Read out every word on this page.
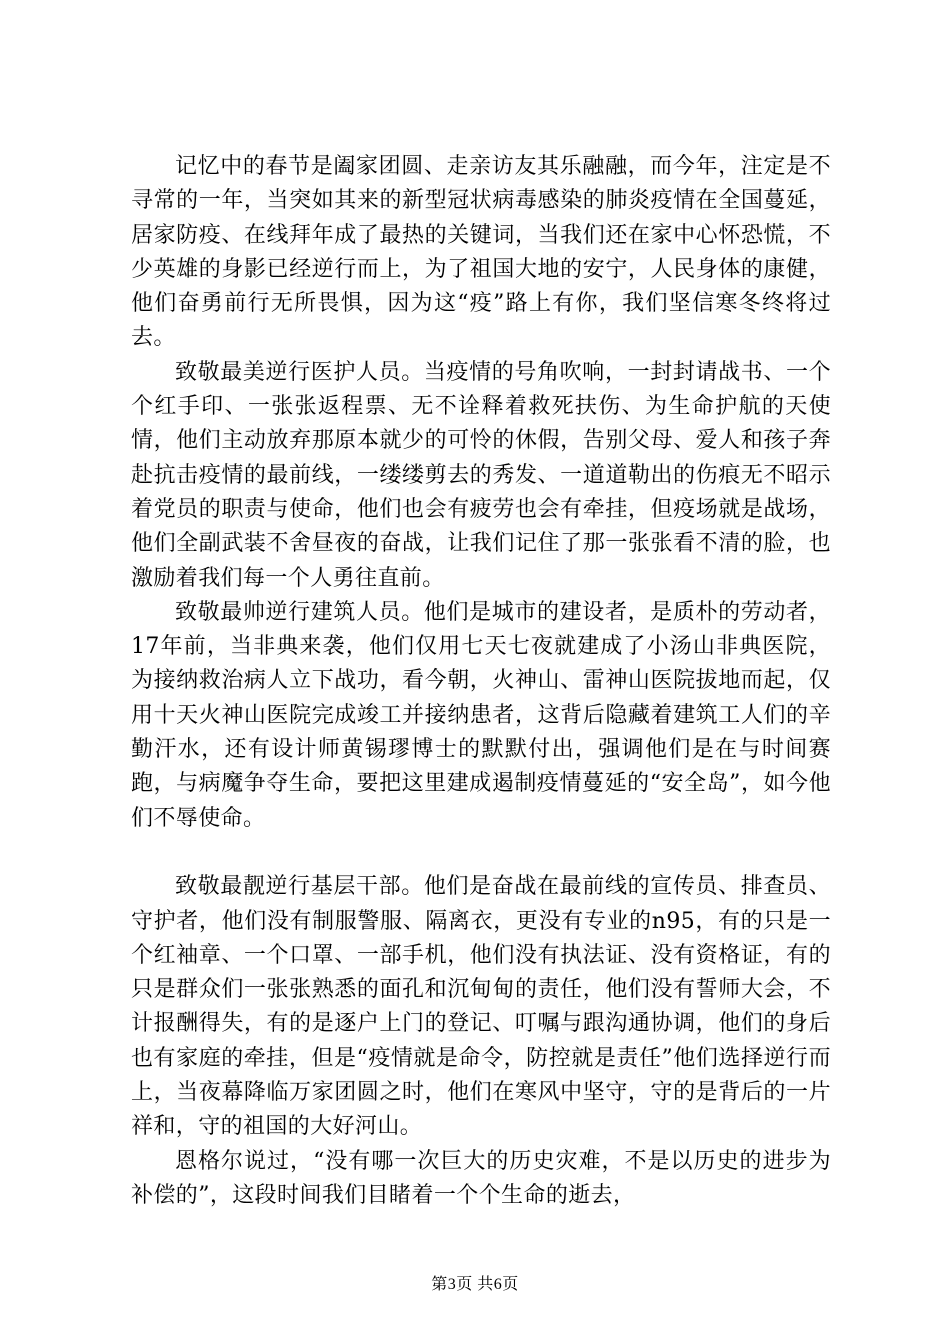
记忆中的春节是阖家团圆、走亲访友其乐融融，而今年，注定是不寻常的一年，当突如其来的新型冠状病毒感染的肺炎疫情在全国蔓延，居家防疫、在线拜年成了最热的关键词，当我们还在家中心怀恐慌，不少英雄的身影已经逆行而上，为了祖国大地的安宁，人民身体的康健，他们奋勇前行无所畏惧，因为这“疫”路上有你，我们坚信寒冬终将过去。

致敬最美逆行医护人员。当疫情的号角吹响，一封封请战书、一个个红手印、一张张返程票、无不诠释着救死扶伤、为生命护航的天使情，他们主动放弃那原本就少的可怜的休假，告别父母、爱人和孩子奔赴抗击疫情的最前线，一缕缕剪去的秀发、一道道勒出的伤痕无不昭示着党员的职责与使命，他们也会有疲劳也会有牵挂，但疫场就是战场，他们全副武装不舍昼夜的奋战，让我们记住了那一张张看不清的脸，也激励着我们每一个人勇往直前。

致敬最帅逆行建筑人员。他们是城市的建设者，是质朴的劳动者，17年前，当非典来袭，他们仅用七天七夜就建成了小汤山非典医院，为接纳救治病人立下战功，看今朝，火神山、雷神山医院拔地而起，仅用十天火神山医院完成竣工并接纳患者，这背后隐藏着建筑工人们的辛勤汗水，还有设计师黄锡璆博士的默默付出，强调他们是在与时间赛跑，与病魔争夺生命，要把这里建成遏制疫情蔓延的“安全岛”，如今他们不辱使命。

致敬最靓逆行基层干部。他们是奋战在最前线的宣传员、排查员、守护者，他们没有制服警服、隔离衣，更没有专业的n95，有的只是一个红袖章、一个口罩、一部手机，他们没有执法证、没有资格证，有的只是群众们一张张熟悉的面孔和沉甸甸的责任，他们没有誓师大会，不计报酬得失，有的是逐户上门的登记、叮嘱与跟沟通协调，他们的身后也有家庭的牵挂，但是“疫情就是命令，防控就是责任”他们选择逆行而上，当夜幕降临万家团圆之时，他们在寒风中坚守，守的是背后的一片祥和，守的祖国的大好河山。

恩格尔说过，“没有哪一次巨大的历史灾难，不是以历史的进步为补偿的”，这段时间我们目睹着一个个生命的逝去，

第3页 共6页
